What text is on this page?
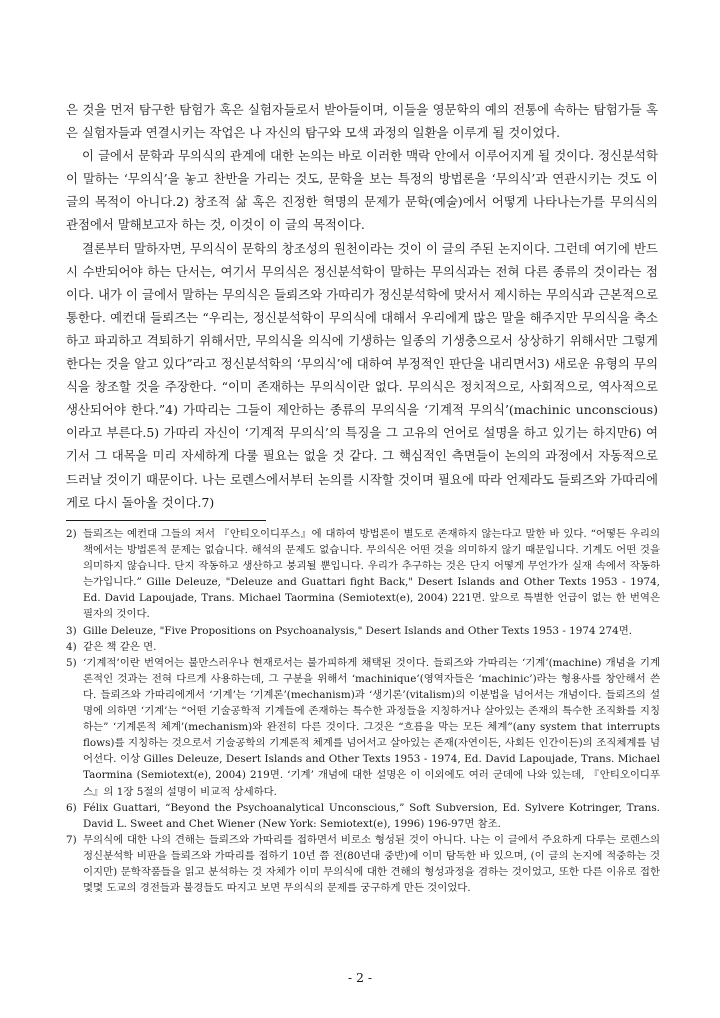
은 것을 먼저 탐구한 탐험가 혹은 실험자들로서 받아들이며, 이들을 영문학의 예의 전통에 속하는 탐험가들 혹은 실험자들과 연결시키는 작업은 나 자신의 탐구와 모색 과정의 일환을 이루게 될 것이었다.

이 글에서 문학과 무의식의 관계에 대한 논의는 바로 이러한 맥락 안에서 이루어지게 될 것이다. 정신분석학이 말하는 ‘무의식’을 놓고 찬반을 가리는 것도, 문학을 보는 특정의 방법론을 ‘무의식’과 연관시키는 것도 이 글의 목적이 아니다.2) 창조적 삶 혹은 진정한 혁명의 문제가 문학(예술)에서 어떻게 나타나는가를 무의식의 관점에서 말해보고자 하는 것, 이것이 이 글의 목적이다.

결론부터 말하자면, 무의식이 문학의 창조성의 원천이라는 것이 이 글의 주된 논지이다. 그런데 여기에 반드시 수반되어야 하는 단서는, 여기서 무의식은 정신분석학이 말하는 무의식과는 전혀 다른 종류의 것이라는 점이다. 내가 이 글에서 말하는 무의식은 들뢰즈와 가따리가 정신분석학에 맞서서 제시하는 무의식과 근본적으로 통한다. 예컨대 들뢰즈는 “우리는, 정신분석학이 무의식에 대해서 우리에게 많은 말을 해주지만 무의식을 축소하고 파괴하고 격퇴하기 위해서만, 무의식을 의식에 기생하는 일종의 기생충으로서 상상하기 위해서만 그렇게 한다는 것을 알고 있다”라고 정신분석학의 ‘무의식’에 대하여 부정적인 판단을 내리면서3) 새로운 유형의 무의식을 창조할 것을 주장한다. “이미 존재하는 무의식이란 없다. 무의식은 정치적으로, 사회적으로, 역사적으로 생산되어야 한다.”4) 가따리는 그들이 제안하는 종류의 무의식을 ‘기계적 무의식’(machinic unconscious)이라고 부른다.5) 가따리 자신이 ‘기계적 무의식’의 특징을 그 고유의 언어로 설명을 하고 있기는 하지만6) 여기서 그 대목을 미리 자세하게 다룰 필요는 없을 것 같다. 그 핵심적인 측면들이 논의의 과정에서 자동적으로 드러날 것이기 때문이다. 나는 로렌스에서부터 논의를 시작할 것이며 필요에 따라 언제라도 들뢰즈와 가따리에게로 다시 돌아올 것이다.7)

2) 들뢰즈는 예컨대 그들의 저서 『안티오이디푸스』에 대하여 방법론이 별도로 존재하지 않는다고 말한 바 있다. “어떻든 우리의 책에서는 방법론적 문제는 없습니다. 해석의 문제도 없습니다. 무의식은 어떤 것을 의미하지 않기 때문입니다. 기계도 어떤 것을 의미하지 않습니다. 단지 작동하고 생산하고 붕괴될 뿐입니다. 우리가 추구하는 것은 단지 어떻게 무언가가 실재 속에서 작동하는가입니다.” Gille Deleuze, "Deleuze and Guattari fight Back," Desert Islands and Other Texts 1953 - 1974, Ed. David Lapoujade, Trans. Michael Taormina (Semiotext(e), 2004) 221면. 앞으로 특별한 언급이 없는 한 번역은 필자의 것이다.
3) Gille Deleuze, "Five Propositions on Psychoanalysis," Desert Islands and Other Texts 1953 - 1974 274면.
4) 같은 책 같은 면.
5) ‘기계적’이란 번역어는 불만스러우나 현재로서는 불가피하게 채택된 것이다. 들뢰즈와 가따리는 ‘기계’(machine) 개념을 기계론적인 것과는 전혀 다르게 사용하는데, 그 구분을 위해서 ‘machinique’(영역자들은 ‘machinic’)라는 형용사를 창안해서 쓴다. 들뢰즈와 가따리에게서 ‘기계’는 ‘기계론’(mechanism)과 ‘생기론’(vitalism)의 이분법을 넘어서는 개념이다. 들뢰즈의 설명에 의하면 ‘기계’는 “어떤 기술공학적 기계들에 존재하는 특수한 과정들을 지칭하거나 살아있는 존재의 특수한 조직화를 지칭하는” ‘기계론적 체계’(mechanism)와 완전히 다른 것이다. 그것은 “흐름을 막는 모든 체계”(any system that interrupts flows)를 지칭하는 것으로서 기술공학의 기계론적 체계를 넘어서고 살아있는 존재(자연이든, 사회든 인간이든)의 조직체계를 넘어선다. 이상 Gilles Deleuze, Desert Islands and Other Texts 1953 - 1974, Ed. David Lapoujade, Trans. Michael Taormina (Semiotext(e), 2004) 219면. ‘기계’ 개념에 대한 설명은 이 이외에도 여러 군데에 나와 있는데, 『안티오이디푸스』의 1장 5절의 설명이 비교적 상세하다.
6) Félix Guattari, “Beyond the Psychoanalytical Unconscious,” Soft Subversion, Ed. Sylvere Kotringer, Trans. David L. Sweet and Chet Wiener (New York: Semiotext(e), 1996) 196-97면 참조.
7) 무의식에 대한 나의 견해는 들뢰즈와 가따리를 접하면서 비로소 형성된 것이 아니다. 나는 이 글에서 주요하게 다루는 로렌스의 정신분석학 비판을 들뢰즈와 가따리를 접하기 10년 쯤 전(80년대 중반)에 이미 탐독한 바 있으며, (이 글의 논지에 적중하는 것이지만) 문학작품들을 읽고 분석하는 것 자체가 이미 무의식에 대한 견해의 형성과정을 겸하는 것이었고, 또한 다른 이유로 접한 몇몇 도교의 경전들과 불경들도 따지고 보면 무의식의 문제를 궁구하게 만든 것이었다.
- 2 -
